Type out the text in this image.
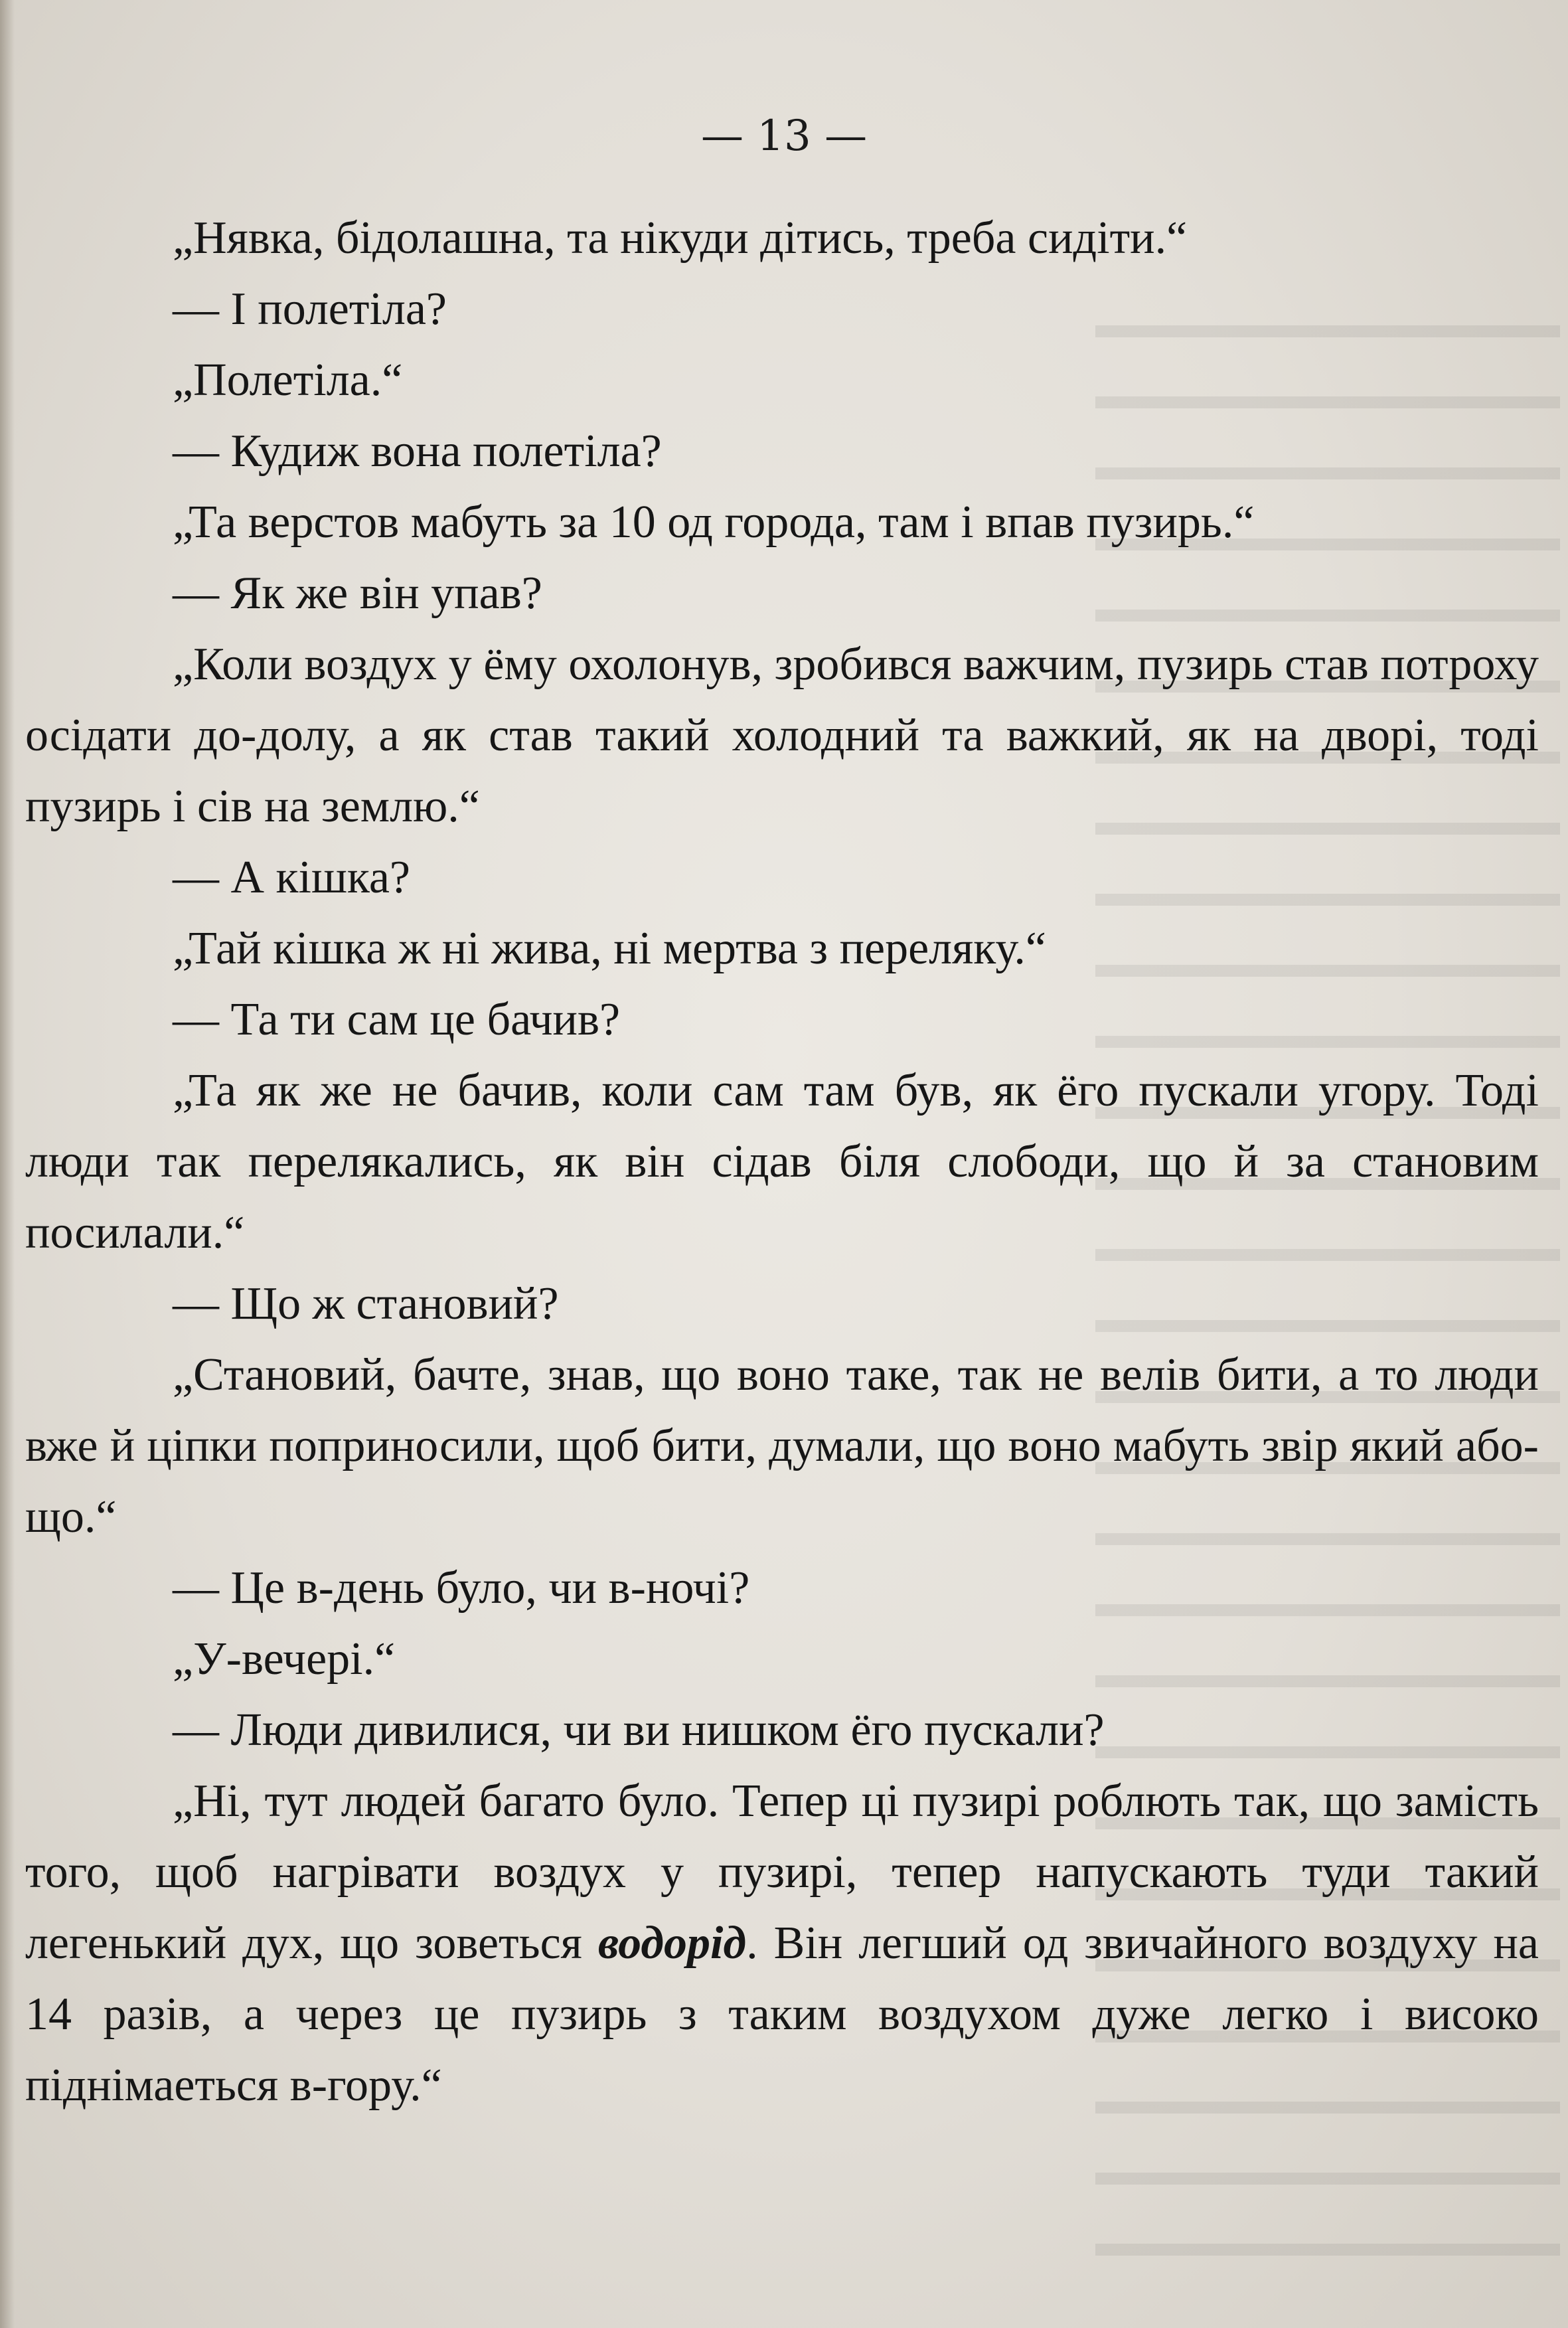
— 13 —

„Нявка, бідолашна, та нікуди дітись, треба сидіти.“

— І полетіла?

„Полетіла.“

— Кудиж вона полетіла?

„Та верстов мабуть за 10 од города, там і впав пузирь.“

— Як же він упав?

„Коли воздух у ёму охолонув, зробився важчим, пузирь став потроху осідати до-долу, а як став такий холодний та важкий, як на дворі, тоді пузирь і сів на землю.“

— А кішка?

„Тай кішка ж ні жива, ні мертва з переляку.“

— Та ти сам це бачив?

„Та як же не бачив, коли сам там був, як ёго пускали угору. Тоді люди так перелякались, як він сідав біля слободи, що й за становим посилали.“

— Що ж становий?

„Становий, бачте, знав, що воно таке, так не велів бити, а то люди вже й ціпки поприносили, щоб бити, думали, що воно мабуть звір який або-що.“

— Це в-день було, чи в-ночі?

„У-вечері.“

— Люди дивилися, чи ви нишком ёго пускали?

„Ні, тут людей багато було. Тепер ці пузирі роблють так, що замість того, щоб нагрівати воздух у пузирі, тепер напускають туди такий легенький дух, що зоветься водорід. Він легший од звичайного воздуху на 14 разів, а через це пузирь з таким воздухом дуже легко і високо піднімаеться в-гору.“
